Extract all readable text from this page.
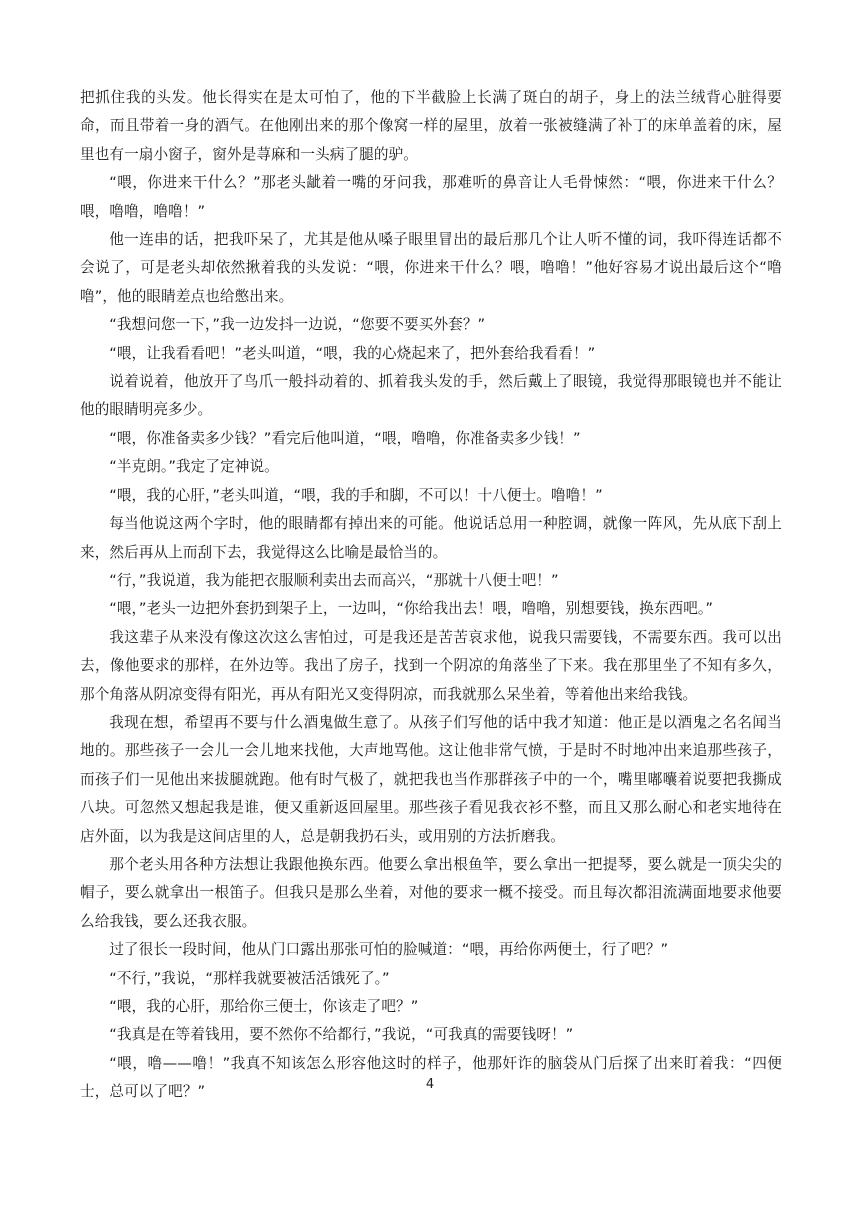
把抓住我的头发。他长得实在是太可怕了，他的下半截脸上长满了斑白的胡子，身上的法兰绒背心脏得要命，而且带着一身的酒气。在他刚出来的那个像窝一样的屋里，放着一张被缝满了补丁的床单盖着的床，屋里也有一扇小窗子，窗外是荨麻和一头病了腿的驴。

“喂，你进来干什么？”那老头龇着一嘴的牙问我，那难听的鼻音让人毛骨悚然：“喂，你进来干什么？喂，噜噜，噜噜！”

他一连串的话，把我吓呆了，尤其是他从嗓子眼里冒出的最后那几个让人听不懂的词，我吓得连话都不会说了，可是老头却依然揪着我的头发说：“喂，你进来干什么？喂，噜噜！”他好容易才说出最后这个“噜噜”，他的眼睛差点也给憋出来。

“我想问您一下，”我一边发抖一边说，“您要不要买外套？”

“喂，让我看看吧！”老头叫道，“喂，我的心烧起来了，把外套给我看看！”

说着说着，他放开了鸟爪一般抖动着的、抓着我头发的手，然后戴上了眼镜，我觉得那眼镜也并不能让他的眼睛明亮多少。

“喂，你准备卖多少钱？”看完后他叫道，“喂，噜噜，你准备卖多少钱！”

“半克朗。”我定了定神说。

“喂，我的心肝，”老头叫道，“喂，我的手和脚，不可以！十八便士。噜噜！”

每当他说这两个字时，他的眼睛都有掉出来的可能。他说话总用一种腔调，就像一阵风，先从底下刮上来，然后再从上而刮下去，我觉得这么比喻是最恰当的。

“行，”我说道，我为能把衣服顺利卖出去而高兴，“那就十八便士吧！”

“喂，”老头一边把外套扔到架子上，一边叫，“你给我出去！喂，噜噜，别想要钱，换东西吧。”

我这辈子从来没有像这次这么害怕过，可是我还是苦苦哀求他，说我只需要钱，不需要东西。我可以出去，像他要求的那样，在外边等。我出了房子，找到一个阴凉的角落坐了下来。我在那里坐了不知有多久，那个角落从阴凉变得有阳光，再从有阳光又变得阴凉，而我就那么呆坐着，等着他出来给我钱。

我现在想，希望再不要与什么酒鬼做生意了。从孩子们写他的话中我才知道：他正是以酒鬼之名名闻当地的。那些孩子一会儿一会儿地来找他，大声地骂他。这让他非常气愤，于是时不时地冲出来追那些孩子，而孩子们一见他出来拔腿就跑。他有时气极了，就把我也当作那群孩子中的一个，嘴里嘟囔着说要把我撕成八块。可忽然又想起我是谁，便又重新返回屋里。那些孩子看见我衣衫不整，而且又那么耐心和老实地待在店外面，以为我是这间店里的人，总是朝我扔石头，或用别的方法折磨我。

那个老头用各种方法想让我跟他换东西。他要么拿出根鱼竿，要么拿出一把提琴，要么就是一顶尖尖的帽子，要么就拿出一根笛子。但我只是那么坐着，对他的要求一概不接受。而且每次都泪流满面地要求他要么给我钱，要么还我衣服。

过了很长一段时间，他从门口露出那张可怕的脸喊道：“喂，再给你两便士，行了吧？”

“不行，”我说，“那样我就要被活活饿死了。”

“喂，我的心肝，那给你三便士，你该走了吧？”

“我真是在等着钱用，要不然你不给都行，”我说，“可我真的需要钱呀！”

“喂，噜——噜！”我真不知该怎么形容他这时的样子，他那奸诈的脑袋从门后探了出来盯着我：“四便士，总可以了吧？”	4
